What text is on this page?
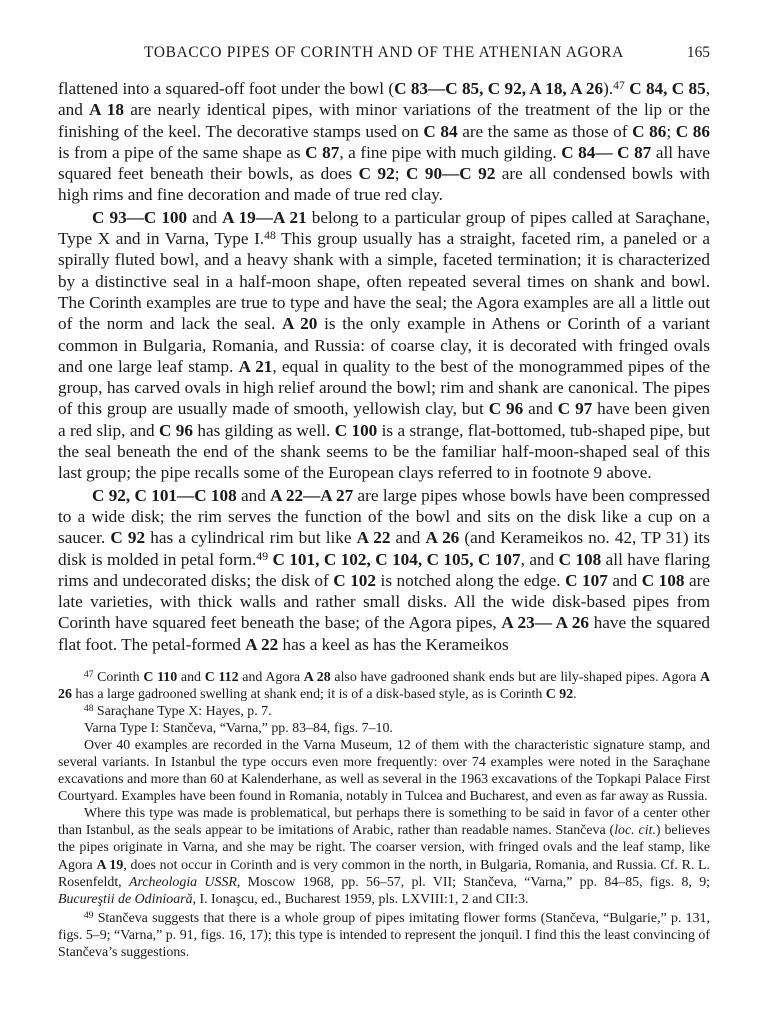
TOBACCO PIPES OF CORINTH AND OF THE ATHENIAN AGORA	165

flattened into a squared-off foot under the bowl (C 83—C 85, C 92, A 18, A 26).$^{47}$ C 84, C 85, and A 18 are nearly identical pipes, with minor variations of the treatment of the lip or the finishing of the keel. The decorative stamps used on C 84 are the same as those of C 86; C 86 is from a pipe of the same shape as C 87, a fine pipe with much gilding. C 84— C 87 all have squared feet beneath their bowls, as does C 92; C 90—C 92 are all condensed bowls with high rims and fine decoration and made of true red clay.

C 93—C 100 and A 19—A 21 belong to a particular group of pipes called at Saraçhane, Type X and in Varna, Type I.$^{48}$ This group usually has a straight, faceted rim, a paneled or a spirally fluted bowl, and a heavy shank with a simple, faceted termination; it is characterized by a distinctive seal in a half-moon shape, often repeated several times on shank and bowl. The Corinth examples are true to type and have the seal; the Agora examples are all a little out of the norm and lack the seal. A 20 is the only example in Athens or Corinth of a variant common in Bulgaria, Romania, and Russia: of coarse clay, it is decorated with fringed ovals and one large leaf stamp. A 21, equal in quality to the best of the monogrammed pipes of the group, has carved ovals in high relief around the bowl; rim and shank are canonical. The pipes of this group are usually made of smooth, yellowish clay, but C 96 and C 97 have been given a red slip, and C 96 has gilding as well. C 100 is a strange, flat-bottomed, tub-shaped pipe, but the seal beneath the end of the shank seems to be the familiar half-moon-shaped seal of this last group; the pipe recalls some of the European clays referred to in footnote 9 above.

C 92, C 101—C 108 and A 22—A 27 are large pipes whose bowls have been compressed to a wide disk; the rim serves the function of the bowl and sits on the disk like a cup on a saucer. C 92 has a cylindrical rim but like A 22 and A 26 (and Kerameikos no. 42, TP 31) its disk is molded in petal form.$^{49}$ C 101, C 102, C 104, C 105, C 107, and C 108 all have flaring rims and undecorated disks; the disk of C 102 is notched along the edge. C 107 and C 108 are late varieties, with thick walls and rather small disks. All the wide disk-based pipes from Corinth have squared feet beneath the base; of the Agora pipes, A 23— A 26 have the squared flat foot. The petal-formed A 22 has a keel as has the Kerameikos

$^{47}$ Corinth C 110 and C 112 and Agora A 28 also have gadrooned shank ends but are lily-shaped pipes. Agora A 26 has a large gadrooned swelling at shank end; it is of a disk-based style, as is Corinth C 92.

$^{48}$ Saraçhane Type X: Hayes, p. 7.

Varna Type I: Stančeva, “Varna,” pp. 83–84, figs. 7–10.

Over 40 examples are recorded in the Varna Museum, 12 of them with the characteristic signature stamp, and several variants. In Istanbul the type occurs even more frequently: over 74 examples were noted in the Saraçhane excavations and more than 60 at Kalenderhane, as well as several in the 1963 excavations of the Topkapi Palace First Courtyard. Examples have been found in Romania, notably in Tulcea and Bucharest, and even as far away as Russia.

Where this type was made is problematical, but perhaps there is something to be said in favor of a center other than Istanbul, as the seals appear to be imitations of Arabic, rather than readable names. Stančeva (loc. cit.) believes the pipes originate in Varna, and she may be right. The coarser version, with fringed ovals and the leaf stamp, like Agora A 19, does not occur in Corinth and is very common in the north, in Bulgaria, Romania, and Russia. Cf. R. L. Rosenfeldt, Archeologia USSR, Moscow 1968, pp. 56–57, pl. VII; Stančeva, “Varna,” pp. 84–85, figs. 8, 9; Bucureştii de Odinioară, I. Ionaşcu, ed., Bucharest 1959, pls. LXVIII:1, 2 and CII:3.

$^{49}$ Stančeva suggests that there is a whole group of pipes imitating flower forms (Stančeva, “Bulgarie,” p. 131, figs. 5–9; “Varna,” p. 91, figs. 16, 17); this type is intended to represent the jonquil. I find this the least convincing of Stančeva’s suggestions.
